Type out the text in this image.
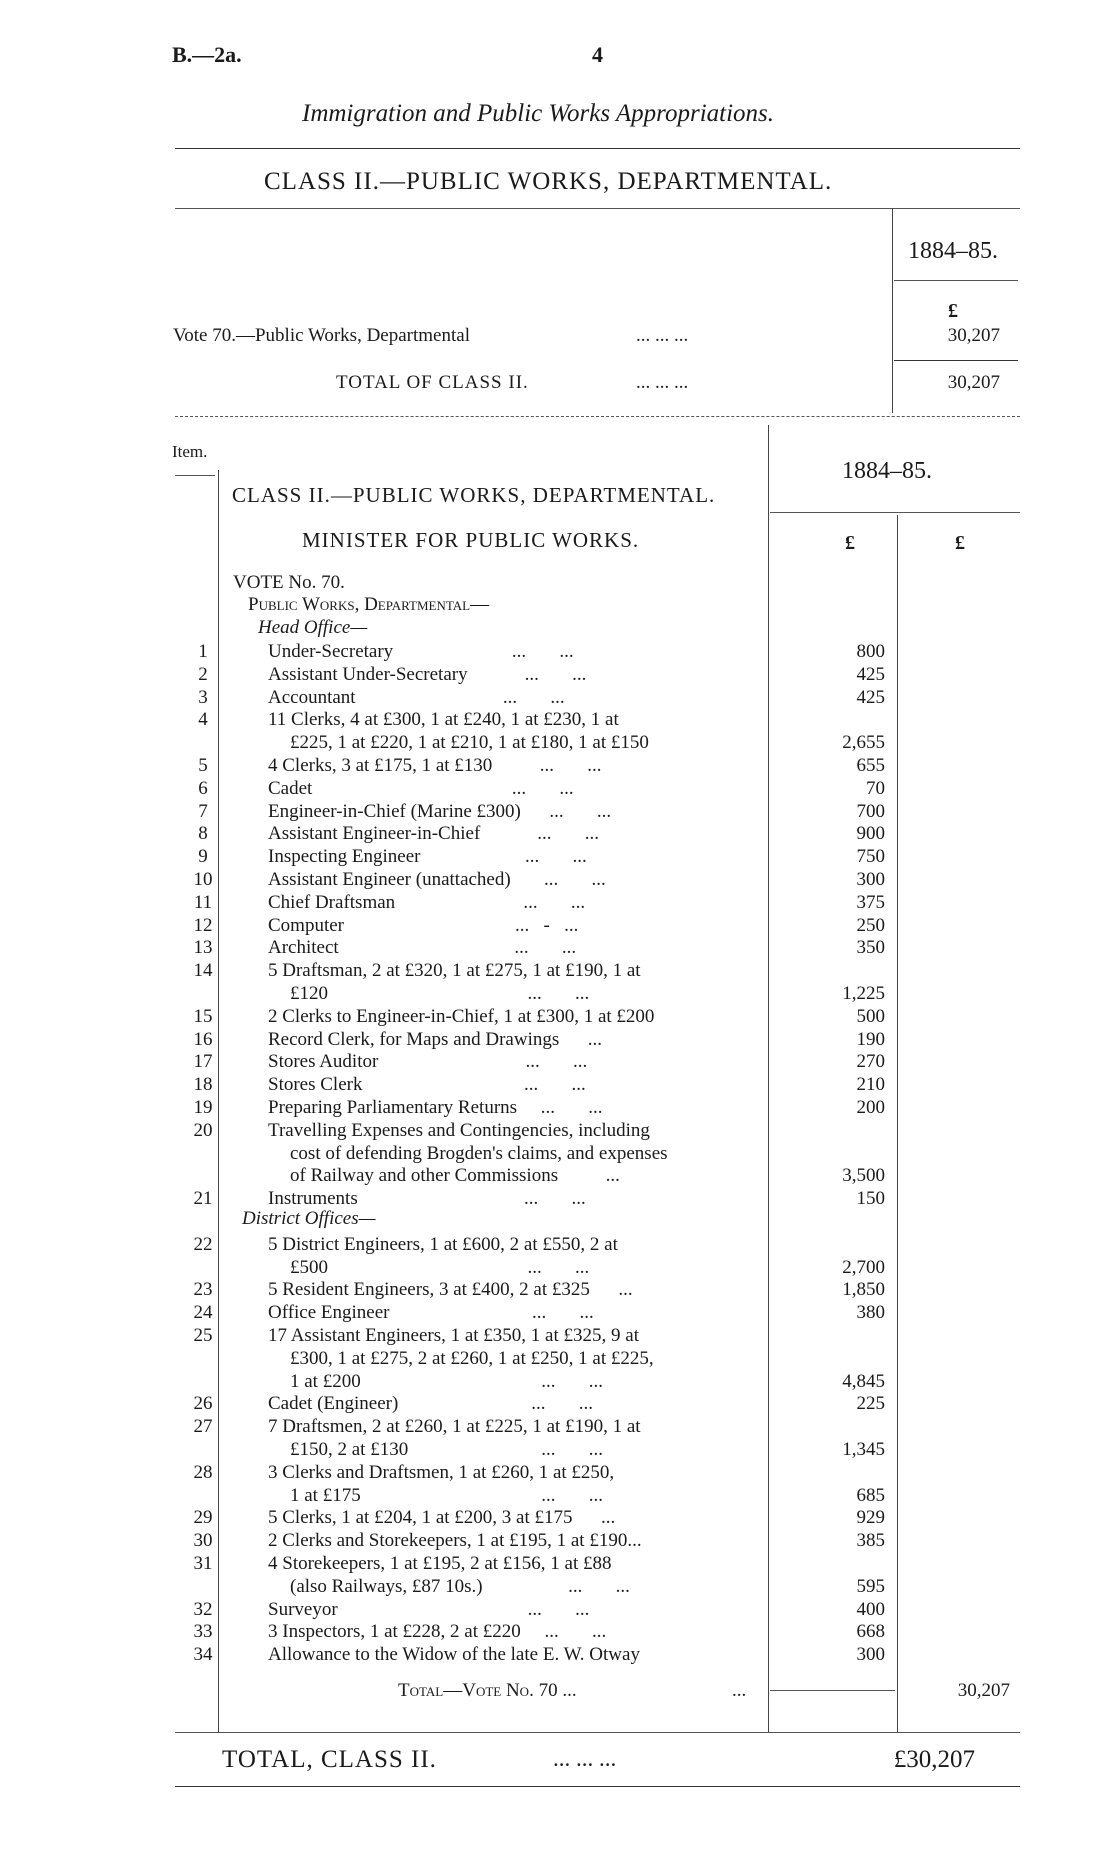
B.—2a.	4
Immigration and Public Works Appropriations.
CLASS II.—PUBLIC WORKS, DEPARTMENTAL.
1884–85.
£
Vote 70.—Public Works, Departmental	... ... ...	30,207
TOTAL OF CLASS II.	... ... ...	30,207
Item.
CLASS II.—PUBLIC WORKS, DEPARTMENTAL.
1884–85.
MINISTER FOR PUBLIC WORKS.	£	£
VOTE No. 70.
Public Works, Departmental—
Head Office—
1	Under-Secretary                         ...       ...	800
2	Assistant Under-Secretary            ...       ...	425
3	Accountant                               ...       ...	425
4	11 Clerks, 4 at £300, 1 at £240, 1 at £230, 1 at
£225, 1 at £220, 1 at £210, 1 at £180, 1 at £150	2,655
5	4 Clerks, 3 at £175, 1 at £130          ...       ...	655
6	Cadet                                          ...       ...	70
7	Engineer-in-Chief (Marine £300)      ...       ...	700
8	Assistant Engineer-in-Chief            ...       ...	900
9	Inspecting Engineer                      ...       ...	750
10	Assistant Engineer (unattached)       ...       ...	300
11	Chief Draftsman                           ...       ...	375
12	Computer                                    ...   -   ...	250
13	Architect                                     ...       ...	350
14	5 Draftsman, 2 at £320, 1 at £275, 1 at £190, 1 at
£120                                          ...       ...	1,225
15	2 Clerks to Engineer-in-Chief, 1 at £300, 1 at £200	500
16	Record Clerk, for Maps and Drawings      ...	190
17	Stores Auditor                               ...       ...	270
18	Stores Clerk                                  ...       ...	210
19	Preparing Parliamentary Returns     ...       ...	200
20	Travelling Expenses and Contingencies, including
cost of defending Brogden's claims, and expenses
of Railway and other Commissions          ...	3,500
21	Instruments                                   ...       ...	150
22	5 District Engineers, 1 at £600, 2 at £550, 2 at
£500                                          ...       ...	2,700
23	5 Resident Engineers, 3 at £400, 2 at £325      ...	1,850
24	Office Engineer                              ...       ...	380
25	17 Assistant Engineers, 1 at £350, 1 at £325, 9 at
£300, 1 at £275, 2 at £260, 1 at £250, 1 at £225,
1 at £200                                      ...       ...	4,845
26	Cadet (Engineer)                            ...       ...	225
27	7 Draftsmen, 2 at £260, 1 at £225, 1 at £190, 1 at
£150, 2 at £130                            ...       ...	1,345
28	3 Clerks and Draftsmen, 1 at £260, 1 at £250,
1 at £175                                      ...       ...	685
29	5 Clerks, 1 at £204, 1 at £200, 3 at £175      ...	929
30	2 Clerks and Storekeepers, 1 at £195, 1 at £190...	385
31	4 Storekeepers, 1 at £195, 2 at £156, 1 at £88
(also Railways, £87 10s.)                  ...       ...	595
32	Surveyor                                        ...       ...	400
33	3 Inspectors, 1 at £228, 2 at £220     ...       ...	668
34	Allowance to the Widow of the late E. W. Otway	300
District Offices—
Total—Vote No. 70 ...	...	30,207
TOTAL, CLASS II.	... ... ...	£30,207
